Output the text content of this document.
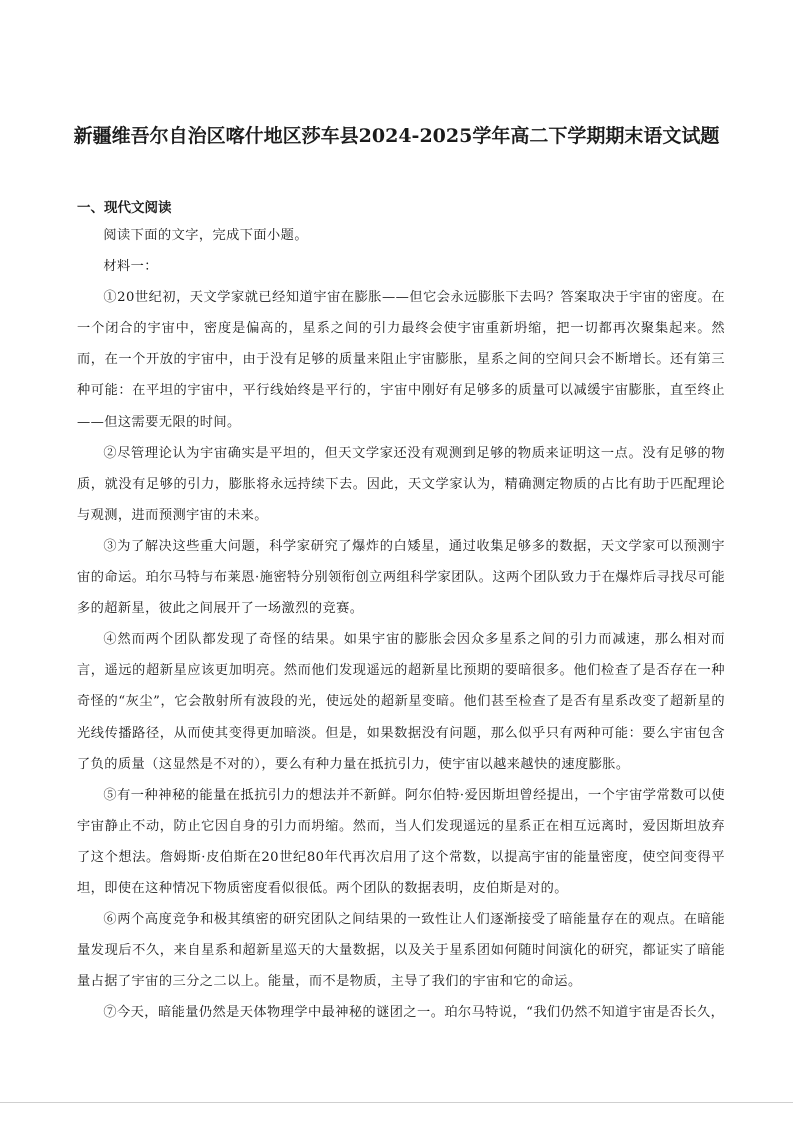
新疆维吾尔自治区喀什地区莎车县2024-2025学年高二下学期期末语文试题
一、现代文阅读

阅读下面的文字，完成下面小题。

材料一：

①20世纪初，天文学家就已经知道宇宙在膨胀——但它会永远膨胀下去吗？答案取决于宇宙的密度。在一个闭合的宇宙中，密度是偏高的，星系之间的引力最终会使宇宙重新坍缩，把一切都再次聚集起来。然而，在一个开放的宇宙中，由于没有足够的质量来阻止宇宙膨胀，星系之间的空间只会不断增长。还有第三种可能：在平坦的宇宙中，平行线始终是平行的，宇宙中刚好有足够多的质量可以减缓宇宙膨胀，直至终止——但这需要无限的时间。

②尽管理论认为宇宙确实是平坦的，但天文学家还没有观测到足够的物质来证明这一点。没有足够的物质，就没有足够的引力，膨胀将永远持续下去。因此，天文学家认为，精确测定物质的占比有助于匹配理论与观测，进而预测宇宙的未来。

③为了解决这些重大问题，科学家研究了爆炸的白矮星，通过收集足够多的数据，天文学家可以预测宇宙的命运。珀尔马特与布莱恩·施密特分别领衔创立两组科学家团队。这两个团队致力于在爆炸后寻找尽可能多的超新星，彼此之间展开了一场激烈的竞赛。

④然而两个团队都发现了奇怪的结果。如果宇宙的膨胀会因众多星系之间的引力而减速，那么相对而言，遥远的超新星应该更加明亮。然而他们发现遥远的超新星比预期的要暗很多。他们检查了是否存在一种奇怪的“灰尘”，它会散射所有波段的光，使远处的超新星变暗。他们甚至检查了是否有星系改变了超新星的光线传播路径，从而使其变得更加暗淡。但是，如果数据没有问题，那么似乎只有两种可能：要么宇宙包含了负的质量（这显然是不对的），要么有种力量在抵抗引力，使宇宙以越来越快的速度膨胀。

⑤有一种神秘的能量在抵抗引力的想法并不新鲜。阿尔伯特·爱因斯坦曾经提出，一个宇宙学常数可以使宇宙静止不动，防止它因自身的引力而坍缩。然而，当人们发现遥远的星系正在相互远离时，爱因斯坦放弃了这个想法。詹姆斯·皮伯斯在20世纪80年代再次启用了这个常数，以提高宇宙的能量密度，使空间变得平坦，即使在这种情况下物质密度看似很低。两个团队的数据表明，皮伯斯是对的。

⑥两个高度竞争和极其缜密的研究团队之间结果的一致性让人们逐渐接受了暗能量存在的观点。在暗能量发现后不久，来自星系和超新星巡天的大量数据，以及关于星系团如何随时间演化的研究，都证实了暗能量占据了宇宙的三分之二以上。能量，而不是物质，主导了我们的宇宙和它的命运。

⑦今天，暗能量仍然是天体物理学中最神秘的谜团之一。珀尔马特说，“我们仍然不知道宇宙是否长久，
